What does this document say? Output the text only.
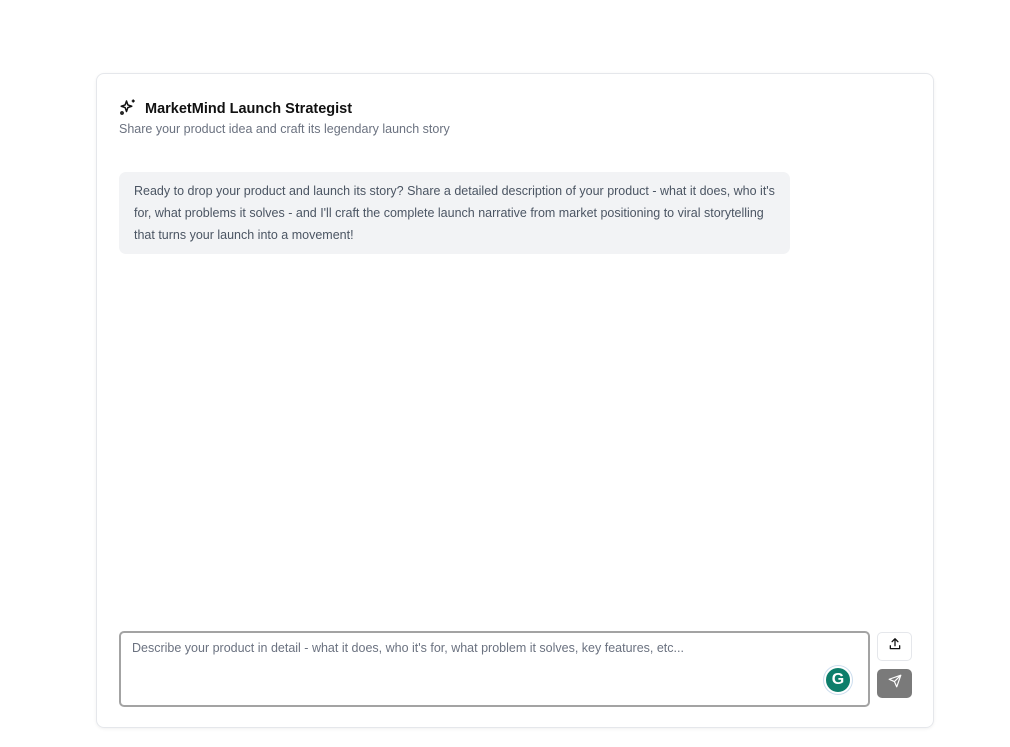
MarketMind Launch Strategist
Share your product idea and craft its legendary launch story
Ready to drop your product and launch its story? Share a detailed description of your product - what it does, who it's for, what problems it solves - and I'll craft the complete launch narrative from market positioning to viral storytelling that turns your launch into a movement!
Describe your product in detail - what it does, who it's for, what problem it solves, key features, etc...
G
